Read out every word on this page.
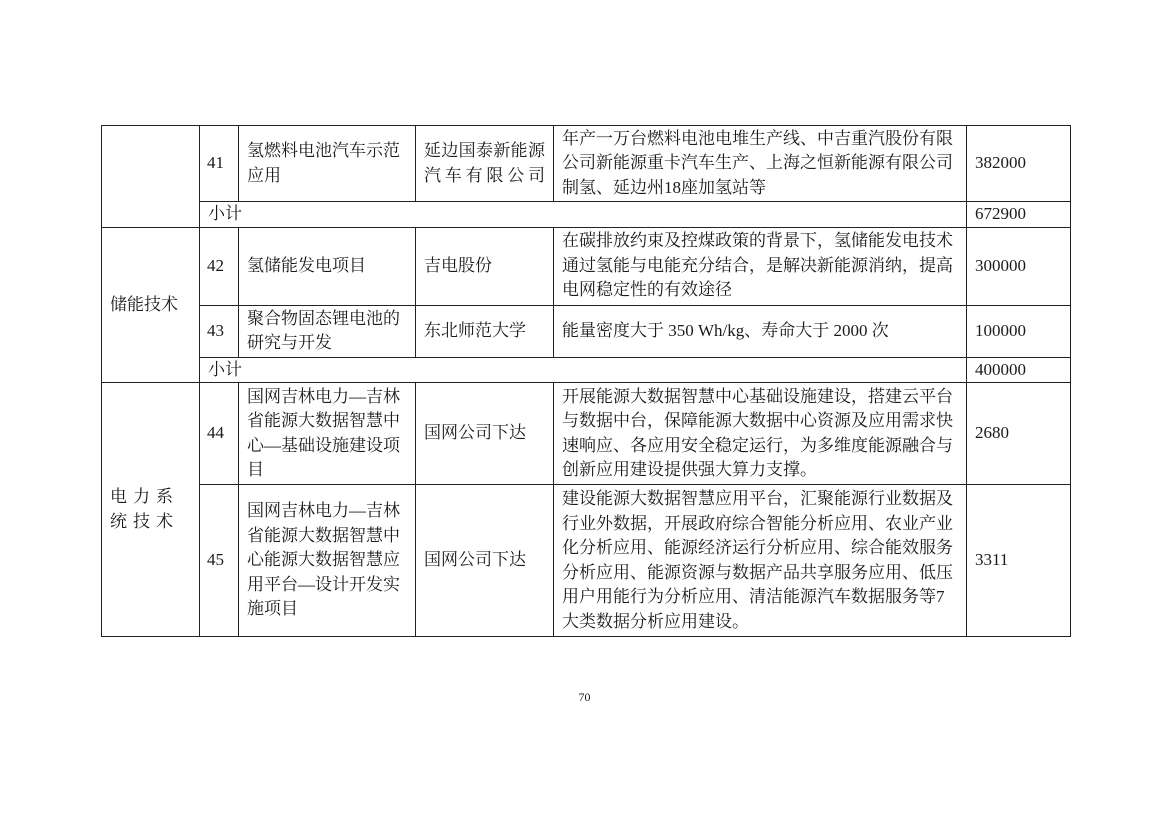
	41	氢燃料电池汽车示范应用	延边国泰新能源汽车有限公司	年产一万台燃料电池电堆生产线、中吉重汽股份有限公司新能源重卡汽车生产、上海之恒新能源有限公司制氢、延边州18座加氢站等	382000
	小计				672900
储能技术	42	氢储能发电项目	吉电股份	在碳排放约束及控煤政策的背景下，氢储能发电技术通过氢能与电能充分结合，是解决新能源消纳，提高电网稳定性的有效途径	300000
	43	聚合物固态锂电池的研究与开发	东北师范大学	能量密度大于 350 Wh/kg、寿命大于 2000 次	100000
	小计				400000
电力系统技术	44	国网吉林电力—吉林省能源大数据智慧中心—基础设施建设项目	国网公司下达	开展能源大数据智慧中心基础设施建设，搭建云平台与数据中台，保障能源大数据中心资源及应用需求快速响应、各应用安全稳定运行，为多维度能源融合与创新应用建设提供强大算力支撑。	2680
	45	国网吉林电力—吉林省能源大数据智慧中心能源大数据智慧应用平台—设计开发实施项目	国网公司下达	建设能源大数据智慧应用平台，汇聚能源行业数据及行业外数据，开展政府综合智能分析应用、农业产业化分析应用、能源经济运行分析应用、综合能效服务分析应用、能源资源与数据产品共享服务应用、低压用户用能行为分析应用、清洁能源汽车数据服务等7大类数据分析应用建设。	3311
70
